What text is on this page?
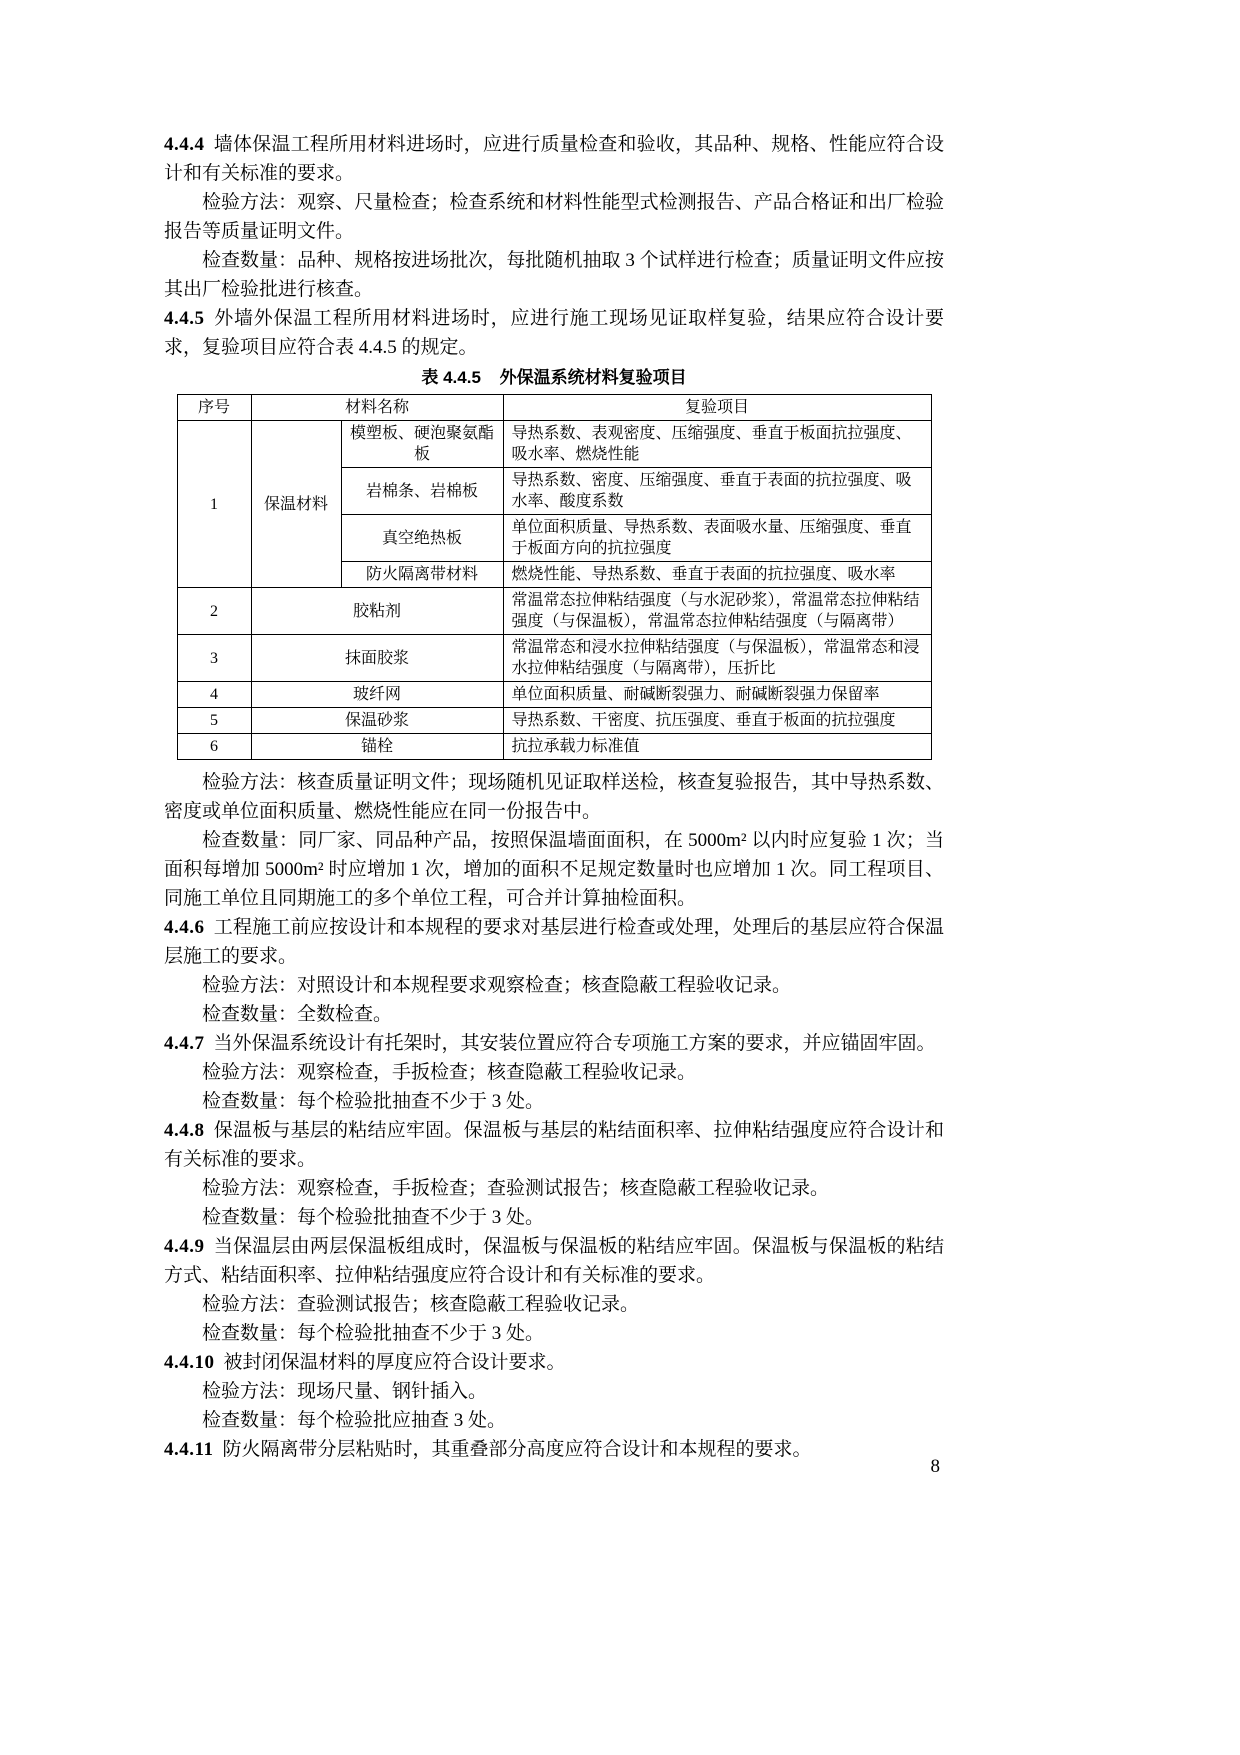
4.4.4 墙体保温工程所用材料进场时，应进行质量检查和验收，其品种、规格、性能应符合设计和有关标准的要求。

检验方法：观察、尺量检查；检查系统和材料性能型式检测报告、产品合格证和出厂检验报告等质量证明文件。

检查数量：品种、规格按进场批次，每批随机抽取 3 个试样进行检查；质量证明文件应按其出厂检验批进行核查。

4.4.5 外墙外保温工程所用材料进场时，应进行施工现场见证取样复验，结果应符合设计要求，复验项目应符合表 4.4.5 的规定。

表 4.4.5 外保温系统材料复验项目

序号	材料名称		复验项目
1	保温材料	模塑板、硬泡聚氨酯板	导热系数、表观密度、压缩强度、垂直于板面抗拉强度、吸水率、燃烧性能
		岩棉条、岩棉板	导热系数、密度、压缩强度、垂直于表面的抗拉强度、吸水率、酸度系数
		真空绝热板	单位面积质量、导热系数、表面吸水量、压缩强度、垂直于板面方向的抗拉强度
		防火隔离带材料	燃烧性能、导热系数、垂直于表面的抗拉强度、吸水率
2	胶粘剂		常温常态拉伸粘结强度（与水泥砂浆），常温常态拉伸粘结强度（与保温板），常温常态拉伸粘结强度（与隔离带）
3	抹面胶浆		常温常态和浸水拉伸粘结强度（与保温板），常温常态和浸水拉伸粘结强度（与隔离带），压折比
4	玻纤网		单位面积质量、耐碱断裂强力、耐碱断裂强力保留率
5	保温砂浆		导热系数、干密度、抗压强度、垂直于板面的抗拉强度
6	锚栓		抗拉承载力标准值

检验方法：核查质量证明文件；现场随机见证取样送检，核查复验报告，其中导热系数、密度或单位面积质量、燃烧性能应在同一份报告中。

检查数量：同厂家、同品种产品，按照保温墙面面积，在 5000m² 以内时应复验 1 次；当面积每增加 5000m² 时应增加 1 次，增加的面积不足规定数量时也应增加 1 次。同工程项目、同施工单位且同期施工的多个单位工程，可合并计算抽检面积。

4.4.6 工程施工前应按设计和本规程的要求对基层进行检查或处理，处理后的基层应符合保温层施工的要求。

检验方法：对照设计和本规程要求观察检查；核查隐蔽工程验收记录。

检查数量：全数检查。

4.4.7 当外保温系统设计有托架时，其安装位置应符合专项施工方案的要求，并应锚固牢固。

检验方法：观察检查，手扳检查；核查隐蔽工程验收记录。

检查数量：每个检验批抽查不少于 3 处。

4.4.8 保温板与基层的粘结应牢固。保温板与基层的粘结面积率、拉伸粘结强度应符合设计和有关标准的要求。

检验方法：观察检查，手扳检查；查验测试报告；核查隐蔽工程验收记录。

检查数量：每个检验批抽查不少于 3 处。

4.4.9 当保温层由两层保温板组成时，保温板与保温板的粘结应牢固。保温板与保温板的粘结方式、粘结面积率、拉伸粘结强度应符合设计和有关标准的要求。

检验方法：查验测试报告；核查隐蔽工程验收记录。

检查数量：每个检验批抽查不少于 3 处。

4.4.10 被封闭保温材料的厚度应符合设计要求。

检验方法：现场尺量、钢针插入。

检查数量：每个检验批应抽查 3 处。

4.4.11 防火隔离带分层粘贴时，其重叠部分高度应符合设计和本规程的要求。

8
